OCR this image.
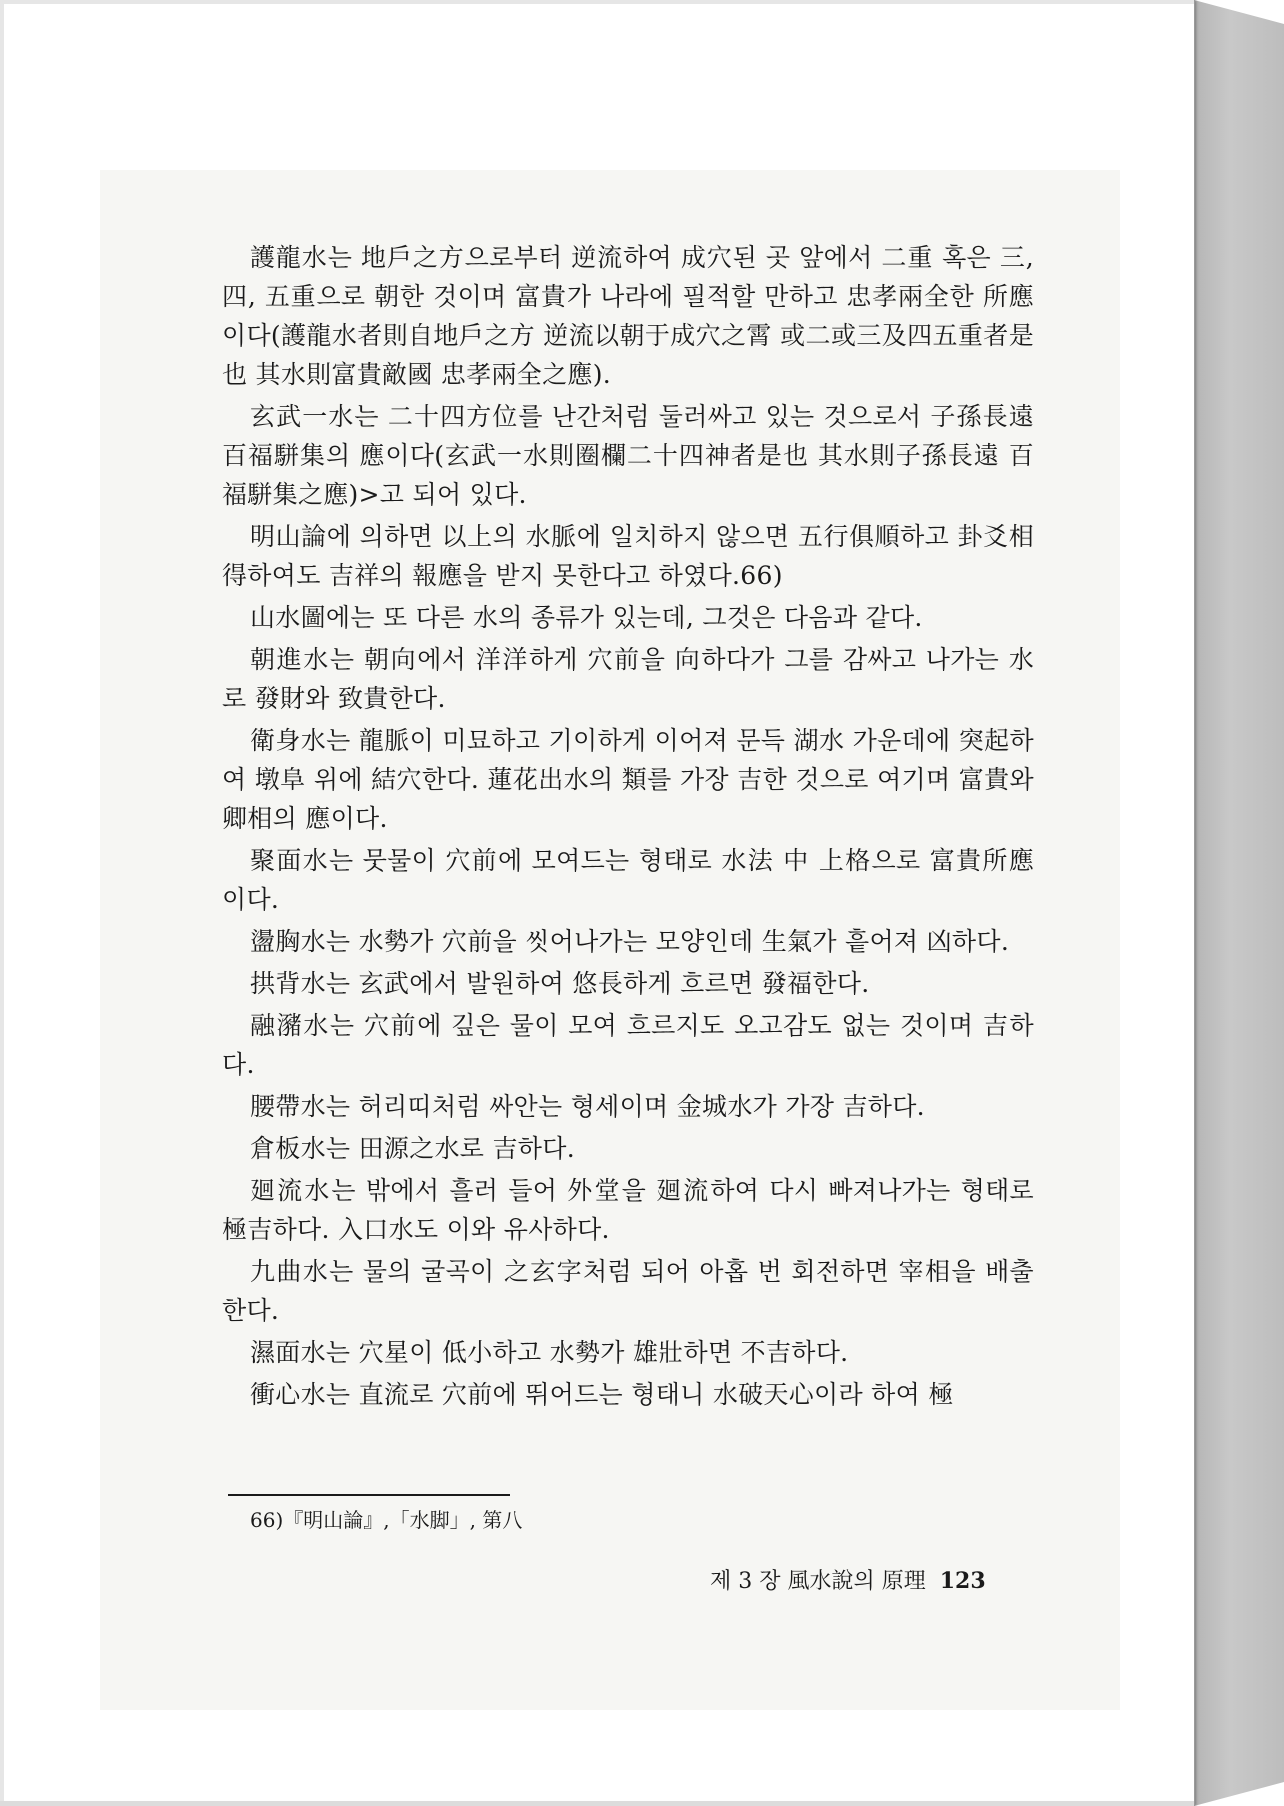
護龍水는 地戶之方으로부터 逆流하여 成穴된 곳 앞에서 二重 혹은 三, 四, 五重으로 朝한 것이며 富貴가 나라에 필적할 만하고 忠孝兩全한 所應이다(護龍水者則自地戶之方 逆流以朝于成穴之霄 或二或三及四五重者是也 其水則富貴敵國 忠孝兩全之應).

玄武一水는 二十四方位를 난간처럼 둘러싸고 있는 것으로서 子孫長遠 百福駢集의 應이다(玄武一水則圈欄二十四神者是也 其水則子孫長遠 百福駢集之應)>고 되어 있다.

明山論에 의하면 以上의 水脈에 일치하지 않으면 五行俱順하고 卦爻相得하여도 吉祥의 報應을 받지 못한다고 하였다.66)

山水圖에는 또 다른 水의 종류가 있는데, 그것은 다음과 같다.

朝進水는 朝向에서 洋洋하게 穴前을 向하다가 그를 감싸고 나가는 水로 發財와 致貴한다.

衛身水는 龍脈이 미묘하고 기이하게 이어져 문득 湖水 가운데에 突起하여 墩阜 위에 結穴한다. 蓮花出水의 類를 가장 吉한 것으로 여기며 富貴와 卿相의 應이다.

聚面水는 뭇물이 穴前에 모여드는 형태로 水法 中 上格으로 富貴所應이다.

盪胸水는 水勢가 穴前을 씻어나가는 모양인데 生氣가 흩어져 凶하다.

拱背水는 玄武에서 발원하여 悠長하게 흐르면 發福한다.

融瀦水는 穴前에 깊은 물이 모여 흐르지도 오고감도 없는 것이며 吉하다.

腰帶水는 허리띠처럼 싸안는 형세이며 金城水가 가장 吉하다.

倉板水는 田源之水로 吉하다.

廻流水는 밖에서 흘러 들어 外堂을 廻流하여 다시 빠져나가는 형태로 極吉하다. 入口水도 이와 유사하다.

九曲水는 물의 굴곡이 之玄字처럼 되어 아홉 번 회전하면 宰相을 배출한다.

濕面水는 穴星이 低小하고 水勢가 雄壯하면 不吉하다.

衝心水는 直流로 穴前에 뛰어드는 형태니 水破天心이라 하여 極

66)『明山論』,「水脚」, 第八
제 3 장 風水說의 原理 123
